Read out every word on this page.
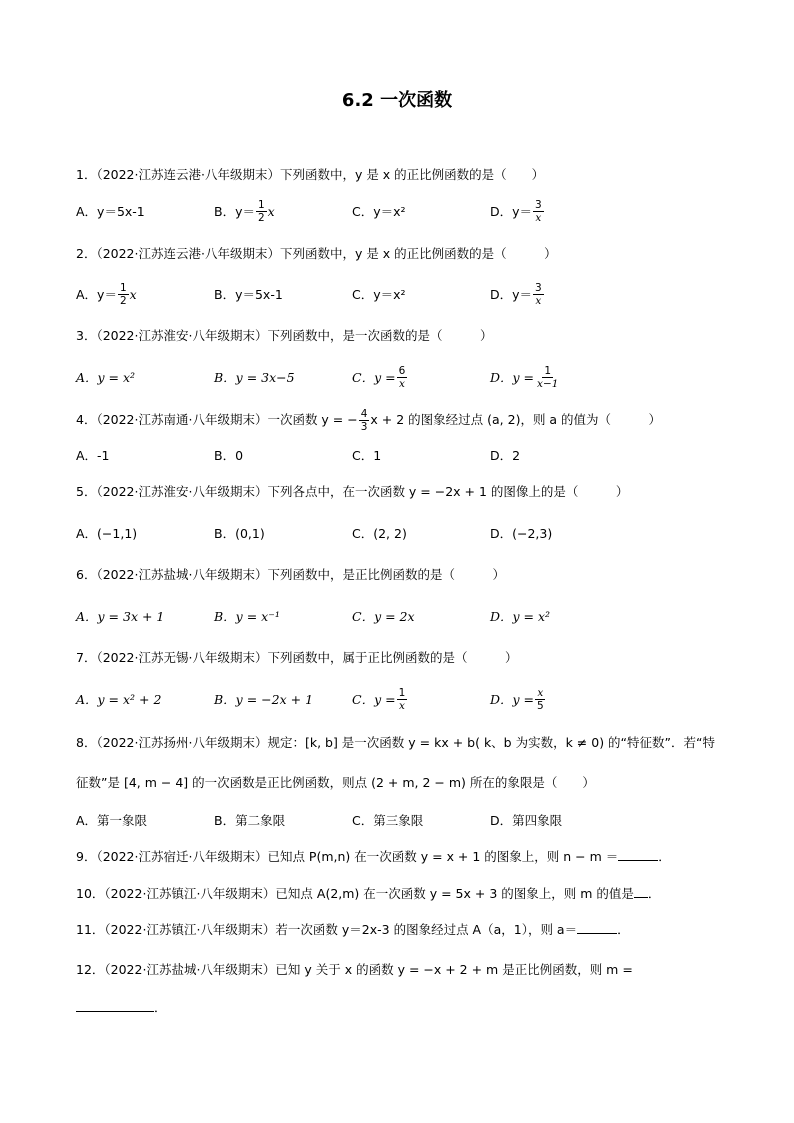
6.2 一次函数
1．（2022·江苏连云港·八年级期末）下列函数中，y 是 x 的正比例函数的是（　　）
A．y＝5x-1	B．$y= \frac{1}{2}$ x	C．y＝x²	D．$y= \frac{3}{x}$
2．（2022·江苏连云港·八年级期末）下列函数中，y 是 x 的正比例函数的是（　　　）
A．$y= \frac{1}{2}$ x	B．y＝5x-1	C．y＝x²	D．$y= \frac{3}{x}$
3．（2022·江苏淮安·八年级期末）下列函数中，是一次函数的是（　　　）
A．y = x²	B．y = 3x−5	C．$y = \frac{6}{x}$	D．$y = \frac{1}{x-1}$
4．（2022·江苏南通·八年级期末）一次函数 y = − $\frac{4}{3}$ x + 2 的图象经过点 (a, 2)，则 a 的值为（　　　）
A．-1	B．0	C．1	D．2
5．（2022·江苏淮安·八年级期末）下列各点中，在一次函数 y = −2x + 1 的图像上的是（　　　）
A．(−1,1)	B．(0,1)	C．(2, 2)	D．(−2,3)
6．（2022·江苏盐城·八年级期末）下列函数中，是正比例函数的是（　　　）
A．y = 3x + 1	B．y = x⁻¹	C．y = 2x	D．y = x²
7．（2022·江苏无锡·八年级期末）下列函数中，属于正比例函数的是（　　　）
A．y = x² + 2	B．y = −2x + 1	C．$y = \frac{1}{x}$	D．$y = \frac{x}{5}$
8．（2022·江苏扬州·八年级期末）规定：[k, b] 是一次函数 y = kx + b( k、b 为实数，k ≠ 0) 的“特征数”．若“特
征数”是 [4, m − 4] 的一次函数是正比例函数，则点 (2 + m, 2 − m) 所在的象限是（　　）
A．第一象限	B．第二象限	C．第三象限	D．第四象限
9．（2022·江苏宿迁·八年级期末）已知点 P(m,n) 在一次函数 y = x + 1 的图象上，则 n − m ＝	．
10．（2022·江苏镇江·八年级期末）已知点 A(2,m) 在一次函数 y = 5x + 3 的图象上，则 m 的值是 ．
11．（2022·江苏镇江·八年级期末）若一次函数 y＝2x-3 的图象经过点 A（a，1），则 a＝	．
12．（2022·江苏盐城·八年级期末）已知 y 关于 x 的函数 y = −x + 2 + m 是正比例函数，则 m =
．
